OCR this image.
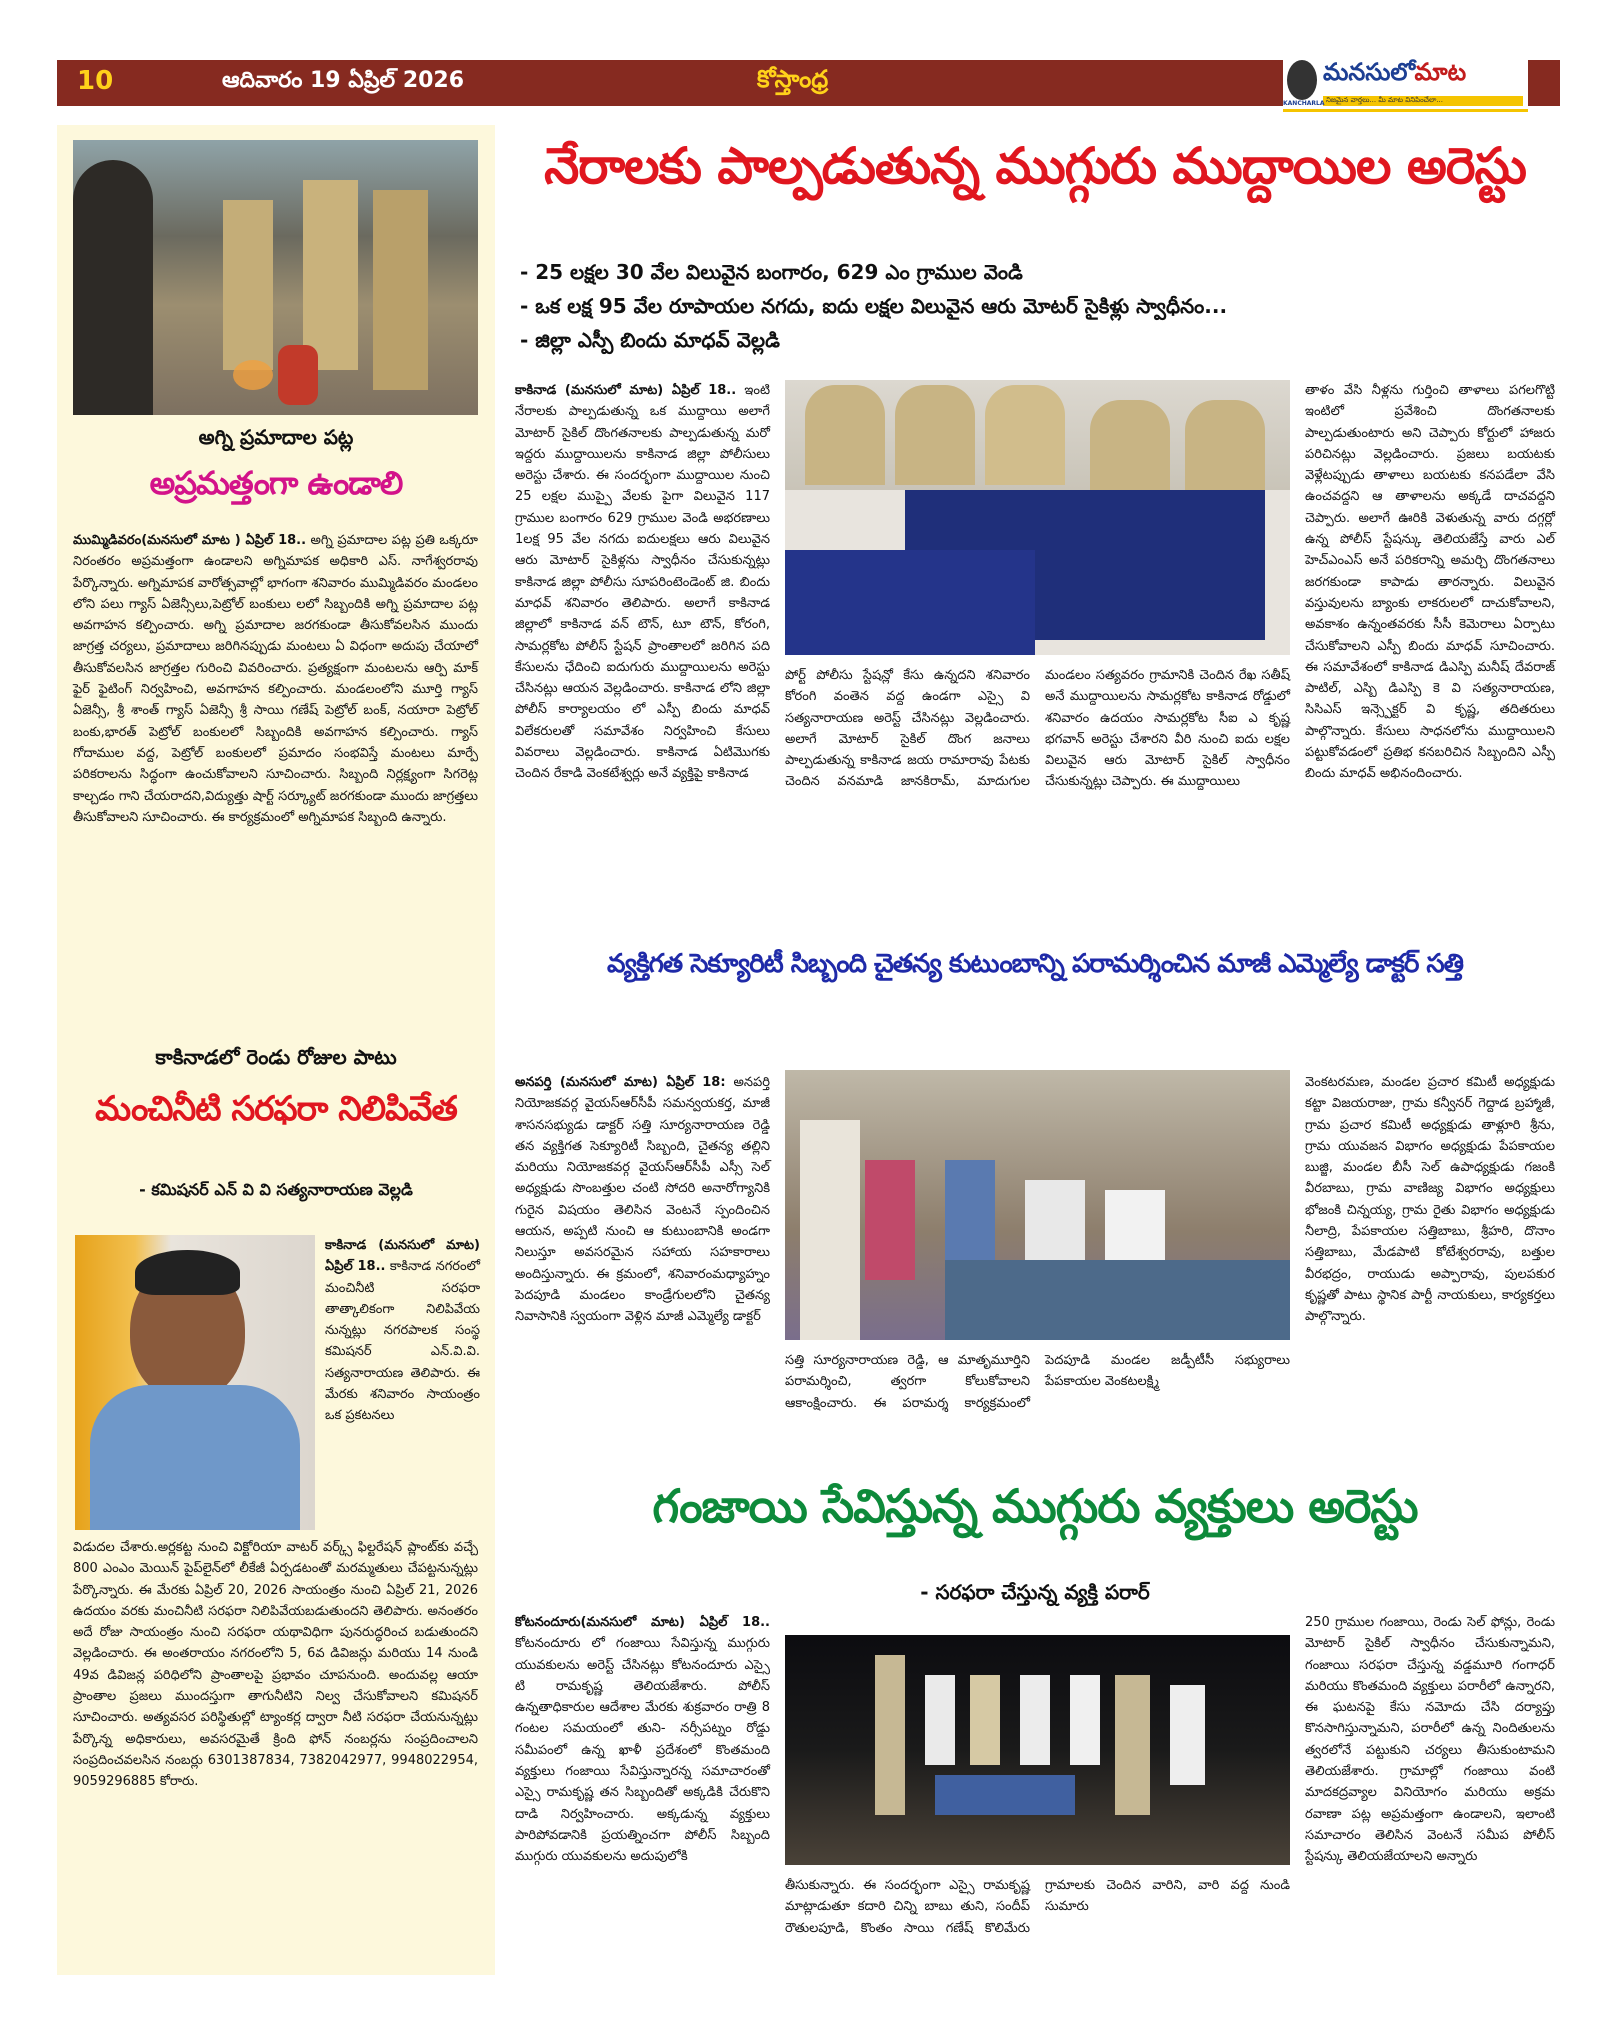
10	ఆదివారం 19 ఏప్రిల్ 2026	కోస్తాంధ్ర	మనసులోమాట
నిజమైన వార్తలు... మీ మాట వినిపించేలా...
KANCHARLA
అగ్ని ప్రమాదాల పట్ల
అప్రమత్తంగా ఉండాలి
ముమ్మిడివరం(మనసులో మాట ) ఏప్రిల్ 18.. అగ్ని ప్రమాదాల పట్ల ప్రతి ఒక్కరూ నిరంతరం అప్రమత్తంగా ఉండాలని అగ్నిమాపక అధికారి ఎస్. నాగేశ్వరరావు పేర్కొన్నారు. అగ్నిమాపక వారోత్సవాల్లో భాగంగా శనివారం ముమ్మిడివరం మండలం లోని పలు గ్యాస్ ఏజెన్సీలు,పెట్రోల్ బంకులు లలో సిబ్బందికి అగ్ని ప్రమాదాల పట్ల అవగాహన కల్పించారు. అగ్ని ప్రమాదాల జరగకుండా తీసుకోవలసిన ముందు జాగ్రత్త చర్యలు, ప్రమాదాలు జరిగినప్పుడు మంటలు ఏ విధంగా అదుపు చేయాలో తీసుకోవలసిన జాగ్రత్తల గురించి వివరించారు. ప్రత్యక్షంగా మంటలను ఆర్పి మాక్ ఫైర్ ఫైటింగ్ నిర్వహించి, అవగాహన కల్పించారు. మండలంలోని మూర్తి గ్యాస్ ఏజెన్సీ, శ్రీ శాంత్ గ్యాస్ ఏజెన్సీ శ్రీ సాయి గణేష్ పెట్రోల్ బంక్, నయారా పెట్రోల్ బంకు,భారత్ పెట్రోల్ బంకులలో సిబ్బందికి అవగాహన కల్పించారు. గ్యాస్ గోదాముల వద్ద, పెట్రోల్ బంకులలో ప్రమాదం సంభవిస్తే మంటలు మార్పే పరికరాలను సిద్ధంగా ఉంచుకోవాలని సూచించారు. సిబ్బంది నిర్లక్ష్యంగా సిగరెట్ల కాల్చడం గాని చేయరాదని,విద్యుత్తు షార్ట్ సర్క్యూట్ జరగకుండా ముందు జాగ్రత్తలు తీసుకోవాలని సూచించారు. ఈ కార్యక్రమంలో అగ్నిమాపక సిబ్బంది ఉన్నారు.
కాకినాడలో రెండు రోజుల పాటు
మంచినీటి సరఫరా నిలిపివేత
- కమిషనర్ ఎన్ వి వి సత్యనారాయణ వెల్లడి
కాకినాడ (మనసులో మాట) ఏప్రిల్ 18.. కాకినాడ నగరంలో మంచినీటి సరఫరా తాత్కాలికంగా నిలిపివేయ నున్నట్లు నగరపాలక సంస్థ కమిషనర్ ఎన్.వి.వి. సత్యనారాయణ తెలిపారు. ఈ మేరకు శనివారం సాయంత్రం ఒక ప్రకటనలు
విడుదల చేశారు.అర్లకట్ట నుంచి విక్టోరియా వాటర్ వర్క్స్ ఫిల్టరేషన్ ప్లాంట్‌కు వచ్చే 800 ఎంఎం మెయిన్ పైప్‌లైన్‌లో లీకేజీ ఏర్పడటంతో మరమ్మతులు చేపట్టనున్నట్లు పేర్కొన్నారు. ఈ మేరకు ఏప్రిల్ 20, 2026 సాయంత్రం నుంచి ఏప్రిల్ 21, 2026 ఉదయం వరకు మంచినీటి సరఫరా నిలిపివేయబడుతుందని తెలిపారు. అనంతరం అదే రోజు సాయంత్రం నుంచి సరఫరా యథావిధిగా పునరుద్ధరించ బడుతుందని వెల్లడించారు. ఈ అంతరాయం నగరంలోని 5, 6వ డివిజన్లు మరియు 14 నుండి 49వ డివిజన్ల పరిధిలోని ప్రాంతాలపై ప్రభావం చూపనుంది. అందువల్ల ఆయా ప్రాంతాల ప్రజలు ముందస్తుగా తాగునీటిని నిల్వ చేసుకోవాలని కమిషనర్ సూచించారు. అత్యవసర పరిస్థితుల్లో ట్యాంకర్ల ద్వారా నీటి సరఫరా చేయనున్నట్లు పేర్కొన్న అధికారులు, అవసరమైతే క్రింది ఫోన్ నంబర్లను సంప్రదించాలని సంప్రదించవలసిన నంబర్లు 6301387834, 7382042977, 9948022954, 9059296885 కోరారు.
నేరాలకు పాల్పడుతున్న ముగ్గురు ముద్దాయిల అరెస్టు
- 25 లక్షల 30 వేల విలువైన బంగారం, 629 ఎం గ్రాముల వెండి
- ఒక లక్ష 95 వేల రూపాయల నగదు, ఐదు లక్షల విలువైన ఆరు మోటర్ సైకిళ్లు స్వాధీనం...
- జిల్లా ఎస్పీ బిందు మాధవ్ వెల్లడి
కాకినాడ (మనసులో మాట) ఏప్రిల్ 18.. ఇంటి నేరాలకు పాల్పడుతున్న ఒక ముద్దాయి అలాగే మోటార్ సైకిల్ దొంగతనాలకు పాల్పడుతున్న మరో ఇద్దరు ముద్దాయిలను కాకినాడ జిల్లా పోలీసులు అరెస్టు చేశారు. ఈ సందర్భంగా ముద్దాయిల నుంచి 25 లక్షల ముప్పై వేలకు పైగా విలువైన 117 గ్రాముల బంగారం 629 గ్రాముల వెండి అభరణాలు 1లక్ష 95 వేల నగదు ఐదులక్షలు ఆరు విలువైన ఆరు మోటార్ సైకిళ్లను స్వాధీనం చేసుకున్నట్లు కాకినాడ జిల్లా పోలీసు సూపరింటెండెంట్ జి. బిందు మాధవ్ శనివారం తెలిపారు. అలాగే కాకినాడ జిల్లాలో కాకినాడ వన్ టౌన్, టూ టౌన్, కోరంగి, సామర్లకోట పోలీస్ స్టేషన్ ప్రాంతాలలో జరిగిన పది కేసులను ఛేదించి ఐదుగురు ముద్దాయిలను అరెస్టు చేసినట్లు ఆయన వెల్లడించారు. కాకినాడ లోని జిల్లా పోలీస్ కార్యాలయం లో ఎస్పీ బిందు మాధవ్ విలేకరులతో సమావేశం నిర్వహించి కేసులు వివరాలు వెల్లడించారు. కాకినాడ ఏటిమొగకు చెందిన రేకాడి వెంకటేశ్వర్లు అనే వ్యక్తిపై కాకినాడ
పోర్ట్ పోలీసు స్టేషన్లో కేసు ఉన్నదని శనివారం కోరంగి వంతెన వద్ద ఉండగా ఎస్సై వి సత్యనారాయణ అరెస్ట్ చేసినట్లు వెల్లడించారు. అలాగే మోటార్ సైకిల్ దొంగ జనాలు పాల్పడుతున్న కాకినాడ జయ రామారావు పేటకు చెందిన వనమాడి జానకిరామ్, మాదుగుల మండలం సత్యవరం గ్రామానికి చెందిన రేఖ సతీష్ అనే ముద్దాయిలను సామర్లకోట కాకినాడ రోడ్డులో శనివారం ఉదయం సామర్లకోట సీఐ ఎ కృష్ణ భగవాన్ అరెస్టు చేశారని వీరి నుంచి ఐదు లక్షల విలువైన ఆరు మోటార్ సైకిల్ స్వాధీనం చేసుకున్నట్లు చెప్పారు. ఈ ముద్దాయిలు
తాళం వేసి నీళ్లను గుర్తించి తాళాలు పగలగొట్టి ఇంటిలో ప్రవేశించి దొంగతనాలకు పాల్పడుతుంటారు అని చెప్పారు కోర్టులో హాజరు పరిచినట్లు వెల్లడించారు. ప్రజలు బయటకు వెళ్లేటప్పుడు తాళాలు బయటకు కనపడేలా వేసి ఉంచవద్దని ఆ తాళాలను అక్కడే దాచవద్దని చెప్పారు. అలాగే ఊరికి వెళుతున్న వారు దగ్గర్లో ఉన్న పోలీస్ స్టేషన్కు తెలియజేస్తే వారు ఎల్ హెచ్ఎంఎస్ అనే పరికరాన్ని అమర్చి దొంగతనాలు జరగకుండా కాపాడు తారన్నారు. విలువైన వస్తువులను బ్యాంకు లాకరులలో దాచుకోవాలని, అవకాశం ఉన్నంతవరకు సీసీ కెమెరాలు ఏర్పాటు చేసుకోవాలని ఎస్పీ బిందు మాధవ్ సూచించారు. ఈ సమావేశంలో కాకినాడ డిఎస్పి మనీష్ దేవరాజ్ పాటిల్, ఎస్బి డిఎస్పి కె వి సత్యనారాయణ, సిసిఎస్ ఇన్స్పెక్టర్ వి కృష్ణ, తదితరులు పాల్గొన్నారు. కేసులు సాధనలోను ముద్దాయిలని పట్టుకోవడంలో ప్రతిభ కనబరిచిన సిబ్బందిని ఎస్పీ బిందు మాధవ్ అభినందించారు.
వ్యక్తిగత సెక్యూరిటీ సిబ్బంది చైతన్య కుటుంబాన్ని పరామర్శించిన మాజీ ఎమ్మెల్యే డాక్టర్ సత్తి
అనపర్తి (మనసులో మాట) ఏప్రిల్ 18: అనపర్తి నియోజకవర్గ వైయస్ఆర్‌సీపీ సమన్వయకర్త, మాజీ శాసనసభ్యుడు డాక్టర్ సత్తి సూర్యనారాయణ రెడ్డి తన వ్యక్తిగత సెక్యూరిటీ సిబ్బంది, చైతన్య తల్లిని మరియు నియోజకవర్గ వైయస్ఆర్‌సీపీ ఎస్సీ సెల్ అధ్యక్షుడు సొంబత్తుల చంటి సోదరి అనారోగ్యానికి గురైన విషయం తెలిసిన వెంటనే స్పందించిన ఆయన, అప్పటి నుంచి ఆ కుటుంబానికి అండగా నిలుస్తూ అవసరమైన సహాయ సహకారాలు అందిస్తున్నారు. ఈ క్రమంలో, శనివారంమధ్యాహ్నం పెదపూడి మండలం కాండ్రేగులలోని చైతన్య నివాసానికి స్వయంగా వెళ్లిన మాజీ ఎమ్మెల్యే డాక్టర్
సత్తి సూర్యనారాయణ రెడ్డి, ఆ మాతృమూర్తిని పరామర్శించి, త్వరగా కోలుకోవాలని ఆకాంక్షించారు. ఈ పరామర్శ కార్యక్రమంలో పెదపూడి మండల జడ్పీటీసీ సభ్యురాలు పేపకాయల వెంకటలక్ష్మి
వెంకటరమణ, మండల ప్రచార కమిటీ అధ్యక్షుడు కట్టా విజయరాజు, గ్రామ కన్వీనర్ గెద్దాడ బ్రహ్మాజీ, గ్రామ ప్రచార కమిటీ అధ్యక్షుడు తాళ్లూరి శ్రీను, గ్రామ యువజన విభాగం అధ్యక్షుడు పేపకాయల బుజ్జి, మండల బీసీ సెల్ ఉపాధ్యక్షుడు గజంకి వీరబాబు, గ్రామ వాణిజ్య విభాగం అధ్యక్షులు భోజంకి చిన్నయ్య, గ్రామ రైతు విభాగం అధ్యక్షుడు నీలాద్రి, పేపకాయల సత్తిబాబు, శ్రీహరి, దొనాం సత్తిబాబు, మేడపాటి కోటేశ్వరరావు, బత్తుల వీరభద్రం, రాయుడు అప్పారావు, పులపకుర కృష్ణతో పాటు స్థానిక పార్టీ నాయకులు, కార్యకర్తలు పాల్గొన్నారు.
గంజాయి సేవిస్తున్న ముగ్గురు వ్యక్తులు అరెస్టు
- సరఫరా చేస్తున్న వ్యక్తి పరార్
కోటనందూరు(మనసులో మాట) ఏప్రిల్ 18.. కోటనందూరు లో గంజాయి సేవిస్తున్న ముగ్గురు యువకులను అరెస్ట్ చేసినట్లు కోటనందూరు ఎస్సై టి రామకృష్ణ తెలియజేశారు. పోలీస్ ఉన్నతాధికారుల ఆదేశాల మేరకు శుక్రవారం రాత్రి 8 గంటల సమయంలో తుని- నర్సీపట్నం రోడ్డు సమీపంలో ఉన్న ఖాళీ ప్రదేశంలో కొంతమంది వ్యక్తులు గంజాయి సేవిస్తున్నారన్న సమాచారంతో ఎస్సై రామకృష్ణ తన సిబ్బందితో అక్కడికి చేరుకొని దాడి నిర్వహించారు. అక్కడున్న వ్యక్తులు పారిపోవడానికి ప్రయత్నించగా పోలీస్ సిబ్బంది ముగ్గురు యువకులను అదుపులోకి
తీసుకున్నారు. ఈ సందర్భంగా ఎస్సై రామకృష్ణ మాట్లాడుతూ కదారి చిన్ని బాబు తుని, సందీప్ రౌతులపూడి, కొంతం సాయి గణేష్ కొలిమేరు గ్రామాలకు చెందిన వారిని, వారి వద్ద నుండి సుమారు
250 గ్రాముల గంజాయి, రెండు సెల్ ఫోన్లు, రెండు మోటార్ సైకిల్ స్వాధీనం చేసుకున్నామని, గంజాయి సరఫరా చేస్తున్న వడ్డమూరి గంగాధర్ మరియు కొంతమంది వ్యక్తులు పరారీలో ఉన్నారని, ఈ ఘటనపై కేసు నమోదు చేసి దర్యాప్తు కొనసాగిస్తున్నామని, పరారీలో ఉన్న నిందితులను త్వరలోనే పట్టుకుని చర్యలు తీసుకుంటామని తెలియజేశారు. గ్రామాల్లో గంజాయి వంటి మాదకద్రవ్యాల వినియోగం మరియు అక్రమ రవాణా పట్ల అప్రమత్తంగా ఉండాలని, ఇలాంటి సమాచారం తెలిసిన వెంటనే సమీప పోలీస్ స్టేషన్కు తెలియజేయాలని అన్నారు
